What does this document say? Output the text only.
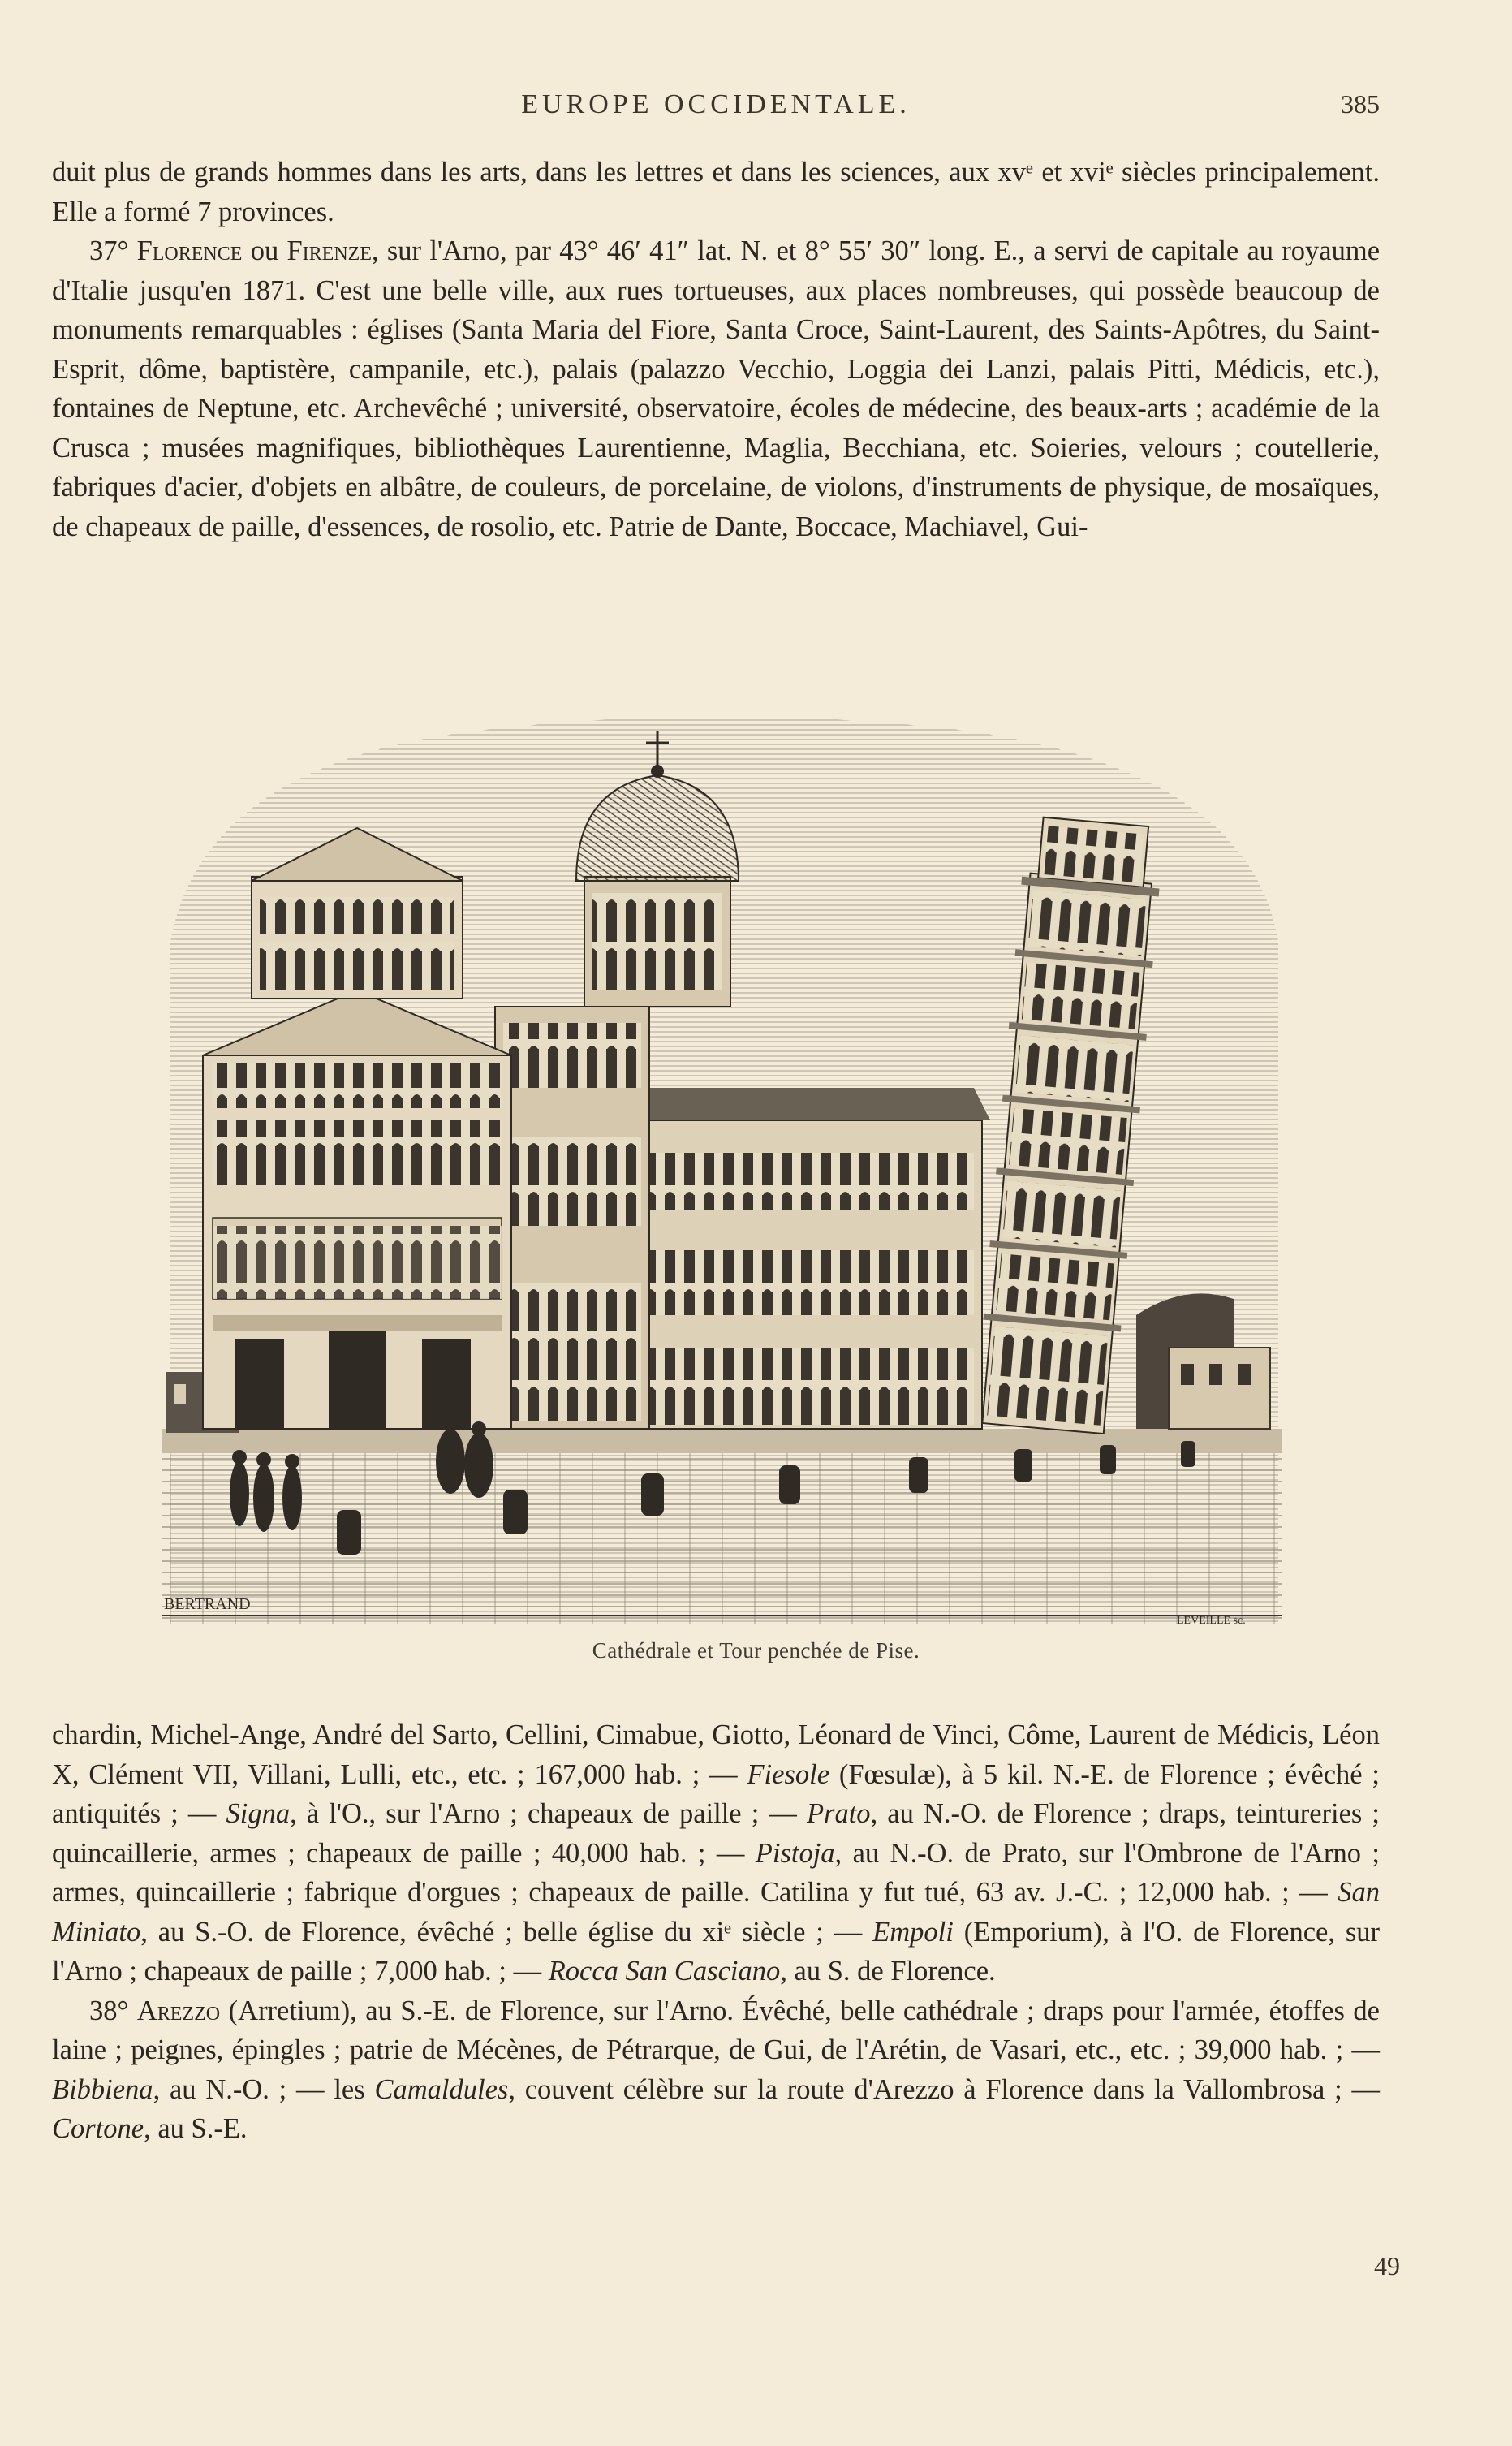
EUROPE OCCIDENTALE.	385

duit plus de grands hommes dans les arts, dans les lettres et dans les sciences, aux xvᵉ et xviᵉ siècles principalement. Elle a formé 7 provinces.

37° Florence ou Firenze, sur l'Arno, par 43° 46′ 41″ lat. N. et 8° 55′ 30″ long. E., a servi de capitale au royaume d'Italie jusqu'en 1871. C'est une belle ville, aux rues tortueuses, aux places nombreuses, qui possède beaucoup de monuments remarquables : églises (Santa Maria del Fiore, Santa Croce, Saint-Laurent, des Saints-Apôtres, du Saint-Esprit, dôme, baptistère, campanile, etc.), palais (palazzo Vecchio, Loggia dei Lanzi, palais Pitti, Médicis, etc.), fontaines de Neptune, etc. Archevêché ; université, observatoire, écoles de médecine, des beaux-arts ; académie de la Crusca ; musées magnifiques, bibliothèques Laurentienne, Maglia, Becchiana, etc. Soieries, velours ; coutellerie, fabriques d'acier, d'objets en albâtre, de couleurs, de porcelaine, de violons, d'instruments de physique, de mosaïques, de chapeaux de paille, d'essences, de rosolio, etc. Patrie de Dante, Boccace, Machiavel, Gui-

BERTRAND
LEVEILLE sc.
Cathédrale et Tour penchée de Pise.

chardin, Michel-Ange, André del Sarto, Cellini, Cimabue, Giotto, Léonard de Vinci, Côme, Laurent de Médicis, Léon X, Clément VII, Villani, Lulli, etc., etc. ; 167,000 hab. ; — Fiesole (Fœsulæ), à 5 kil. N.-E. de Florence ; évêché ; antiquités ; — Signa, à l'O., sur l'Arno ; chapeaux de paille ; — Prato, au N.-O. de Florence ; draps, teintureries ; quincaillerie, armes ; chapeaux de paille ; 40,000 hab. ; — Pistoja, au N.-O. de Prato, sur l'Ombrone de l'Arno ; armes, quincaillerie ; fabrique d'orgues ; chapeaux de paille. Catilina y fut tué, 63 av. J.-C. ; 12,000 hab. ; — San Miniato, au S.-O. de Florence, évêché ; belle église du xiᵉ siècle ; — Empoli (Emporium), à l'O. de Florence, sur l'Arno ; chapeaux de paille ; 7,000 hab. ; — Rocca San Casciano, au S. de Florence.

38° Arezzo (Arretium), au S.-E. de Florence, sur l'Arno. Évêché, belle cathédrale ; draps pour l'armée, étoffes de laine ; peignes, épingles ; patrie de Mécènes, de Pétrarque, de Gui, de l'Arétin, de Vasari, etc., etc. ; 39,000 hab. ; — Bibbiena, au N.-O. ; — les Camaldules, couvent célèbre sur la route d'Arezzo à Florence dans la Vallombrosa ; — Cortone, au S.-E.

49
